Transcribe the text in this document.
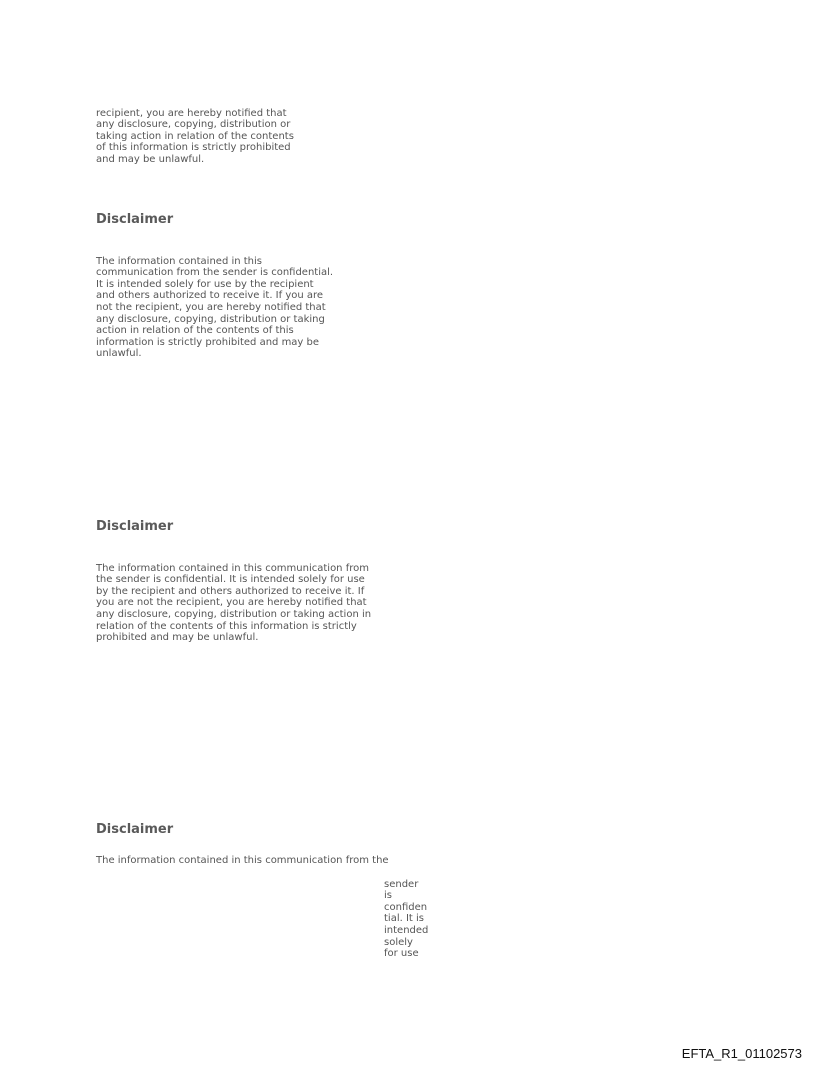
recipient, you are hereby notified that
any disclosure, copying, distribution or
taking action in relation of the contents
of this information is strictly prohibited
and may be unlawful.

Disclaimer

The information contained in this
communication from the sender is confidential.
It is intended solely for use by the recipient
and others authorized to receive it. If you are
not the recipient, you are hereby notified that
any disclosure, copying, distribution or taking
action in relation of the contents of this
information is strictly prohibited and may be
unlawful.

Disclaimer

The information contained in this communication from
the sender is confidential. It is intended solely for use
by the recipient and others authorized to receive it. If
you are not the recipient, you are hereby notified that
any disclosure, copying, distribution or taking action in
relation of the contents of this information is strictly
prohibited and may be unlawful.

Disclaimer
The information contained in this communication from the

sender
is
confiden
tial. It is
intended
solely
for use

EFTA_R1_01102573
